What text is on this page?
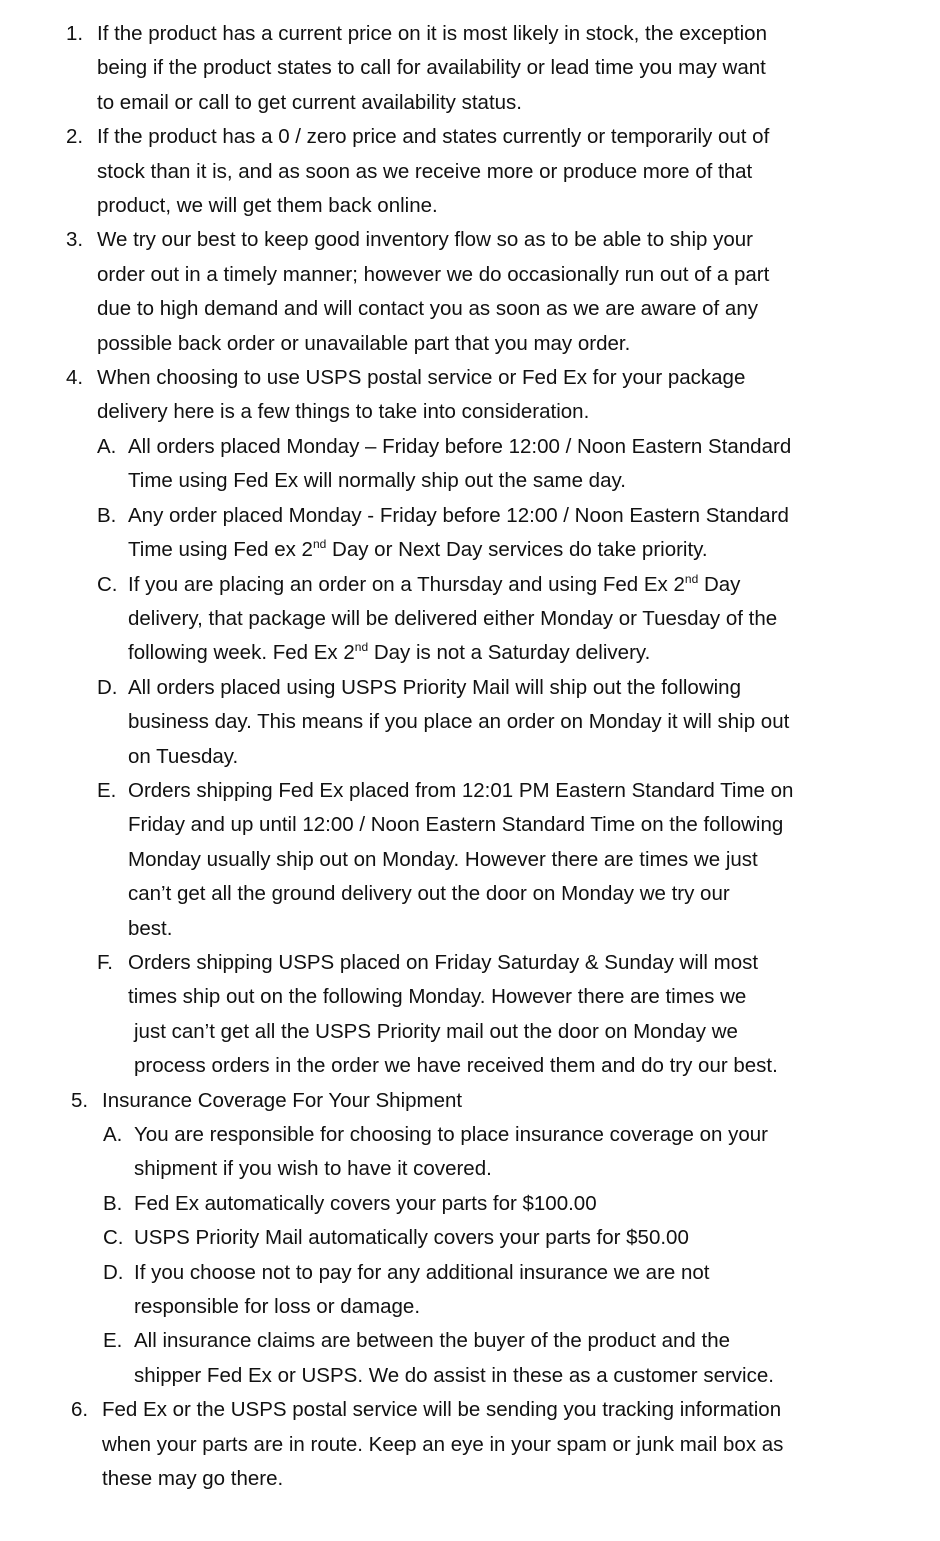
1. If the product has a current price on it is most likely in stock, the exception
being if the product states to call for availability or lead time you may want
to email or call to get current availability status.
2. If the product has a 0 / zero price and states currently or temporarily out of
stock than it is, and as soon as we receive more or produce more of that
product, we will get them back online.
3. We try our best to keep good inventory flow so as to be able to ship your
order out in a timely manner; however we do occasionally run out of a part
due to high demand and will contact you as soon as we are aware of any
possible back order or unavailable part that you may order.
4. When choosing to use USPS postal service or Fed Ex for your package
delivery here is a few things to take into consideration.
A. All orders placed Monday – Friday before 12:00 / Noon Eastern Standard
Time using Fed Ex will normally ship out the same day.
B. Any order placed Monday - Friday before 12:00 / Noon Eastern Standard
Time using Fed ex 2nd Day or Next Day services do take priority.
C. If you are placing an order on a Thursday and using Fed Ex 2nd Day
delivery, that package will be delivered either Monday or Tuesday of the
following week. Fed Ex 2nd Day is not a Saturday delivery.
D. All orders placed using USPS Priority Mail will ship out the following
business day. This means if you place an order on Monday it will ship out
on Tuesday.
E. Orders shipping Fed Ex placed from 12:01 PM Eastern Standard Time on
Friday and up until 12:00 / Noon Eastern Standard Time on the following
Monday usually ship out on Monday. However there are times we just
can’t get all the ground delivery out the door on Monday we try our
best.
F. Orders shipping USPS placed on Friday Saturday & Sunday will most
times ship out on the following Monday. However there are times we
just can’t get all the USPS Priority mail out the door on Monday we
process orders in the order we have received them and do try our best.
5. Insurance Coverage For Your Shipment
A. You are responsible for choosing to place insurance coverage on your
shipment if you wish to have it covered.
B. Fed Ex automatically covers your parts for $100.00
C. USPS Priority Mail automatically covers your parts for $50.00
D. If you choose not to pay for any additional insurance we are not
responsible for loss or damage.
E. All insurance claims are between the buyer of the product and the
shipper Fed Ex or USPS. We do assist in these as a customer service.
6. Fed Ex or the USPS postal service will be sending you tracking information
when your parts are in route. Keep an eye in your spam or junk mail box as
these may go there.
